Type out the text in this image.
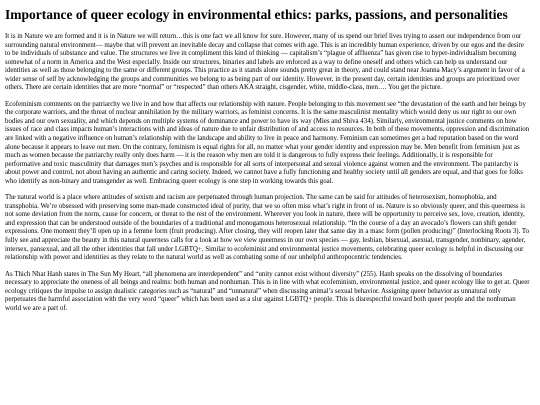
Importance of queer ecology in environmental ethics: parks, passions, and personalities

It is in Nature we are formed and it is in Nature we will return…this is one fact we all know for sure. However, many of us spend our brief lives trying to assert our independence from our surrounding natural environment— maybe that will prevent an inevitable decay and collapse that comes with age. This is an incredibly human experience, driven by our egos and the desire to be individuals of substance and value. The structures we live in compliment this kind of thinking — capitalism’s “plague of affluenza” has given rise to hyper-individualism becoming somewhat of a norm in America and the West especially. Inside our structures, binaries and labels are enforced as a way to define oneself and others which can help us understand our identities as well as those belonging to the same or different groups. This practice as it stands alone sounds pretty great in theory, and could stand near Joanna Macy’s argument in favor of a wider sense of self by acknowledging the groups and communities we belong to as being part of our identity. However, in the present day, certain identities and groups are prioritized over others. There are certain identities that are more “normal” or “respected” than others AKA straight, cisgender, white, middle-class, men…. You get the picture.

Ecofeminism comments on the patriarchy we live in and how that affects our relationship with nature. People belonging to this movement see “the devastation of the earth and her beings by the corporate warriors, and the threat of nuclear annihilation by the military warriors, as feminist concerns. It is the same masculinist mentality which would deny us our right to our own bodies and our own sexuality, and which depends on multiple systems of dominance and power to have its way (Mies and Shiva 434). Similarly, environmental justice comments on how issues of race and class impacts human’s interactions with and ideas of nature due to unfair distribution of and access to resources. In both of these movements, oppression and discrimination are linked with a negative influence on human’s relationship with the landscape and ability to live in peace and harmony. Feminism can sometimes get a bad reputation based on the word alone because it appears to leave out men. On the contrary, feminism is equal rights for all, no matter what your gender identity and expression may be. Men benefit from feminism just as much as women because the patriarchy really only does harm — it is the reason why men are told it is dangerous to fully express their feelings. Additionally, it is responsible for performative and toxic masculinity that damages men’s psyches and is responsible for all sorts of interpersonal and sexual violence against women and the environment. The patriarchy is about power and control, not about having an authentic and caring society. Indeed, we cannot have a fully functioning and healthy society until all genders are equal, and that goes for folks who identify as non-binary and transgender as well. Embracing queer ecology is one step in working towards this goal.

The natural world is a place where attitudes of sexism and racism are perpetuated through human projection. The same can be said for attitudes of heterosexism, homophobia, and transphobia. We’re obsessed with preserving some man-made constructed ideal of purity, that we so often miss what’s right in front of us. Nature is so obviously queer, and this queerness is not some deviation from the norm, cause for concern, or threat to the rest of the environment. Wherever you look in nature, there will be opportunity to perceive sex, love, creation, identity, and expression that can be understood outside of the boundaries of a traditional and monogamous heterosexual relationship. “In the course of a day an avocado’s flowers can shift gender expressions. One moment they’ll open up in a femme form (fruit producing). After closing, they will reopen later that same day in a masc form (pollen producing)” (Interlocking Roots 3). To fully see and appreciate the beauty in this natural queerness calls for a look at how we view queerness in our own species — gay, lesbian, bisexual, asexual, transgender, nonbinary, agender, intersex, pansexual, and all the other identities that fall under LGBTQ+. Similar to ecofeminist and environmental justice movements, celebrating queer ecology is helpful in discussing our relationship with power and identities as they relate to the natural world as well as combating some of our unhelpful anthropocentric tendencies.

As Thich Nhat Hanh states in The Sun My Heart, “all phenomena are interdependent” and “unity cannot exist without diversity” (255). Hanh speaks on the dissolving of boundaries necessary to appreciate the oneness of all beings and realms: both human and nonhuman. This is in line with what ecofeminism, environmental justice, and queer ecology like to get at. Queer ecology critiques the impulse to assign dualistic categories such as “natural” and “unnatural” when discussing animal’s sexual behavior. Assigning queer behavior as unnatural only perpetuates the harmful association with the very word “queer” which has been used as a slur against LGBTQ+ people. This is disrespectful toward both queer people and the nonhuman world we are a part of.
